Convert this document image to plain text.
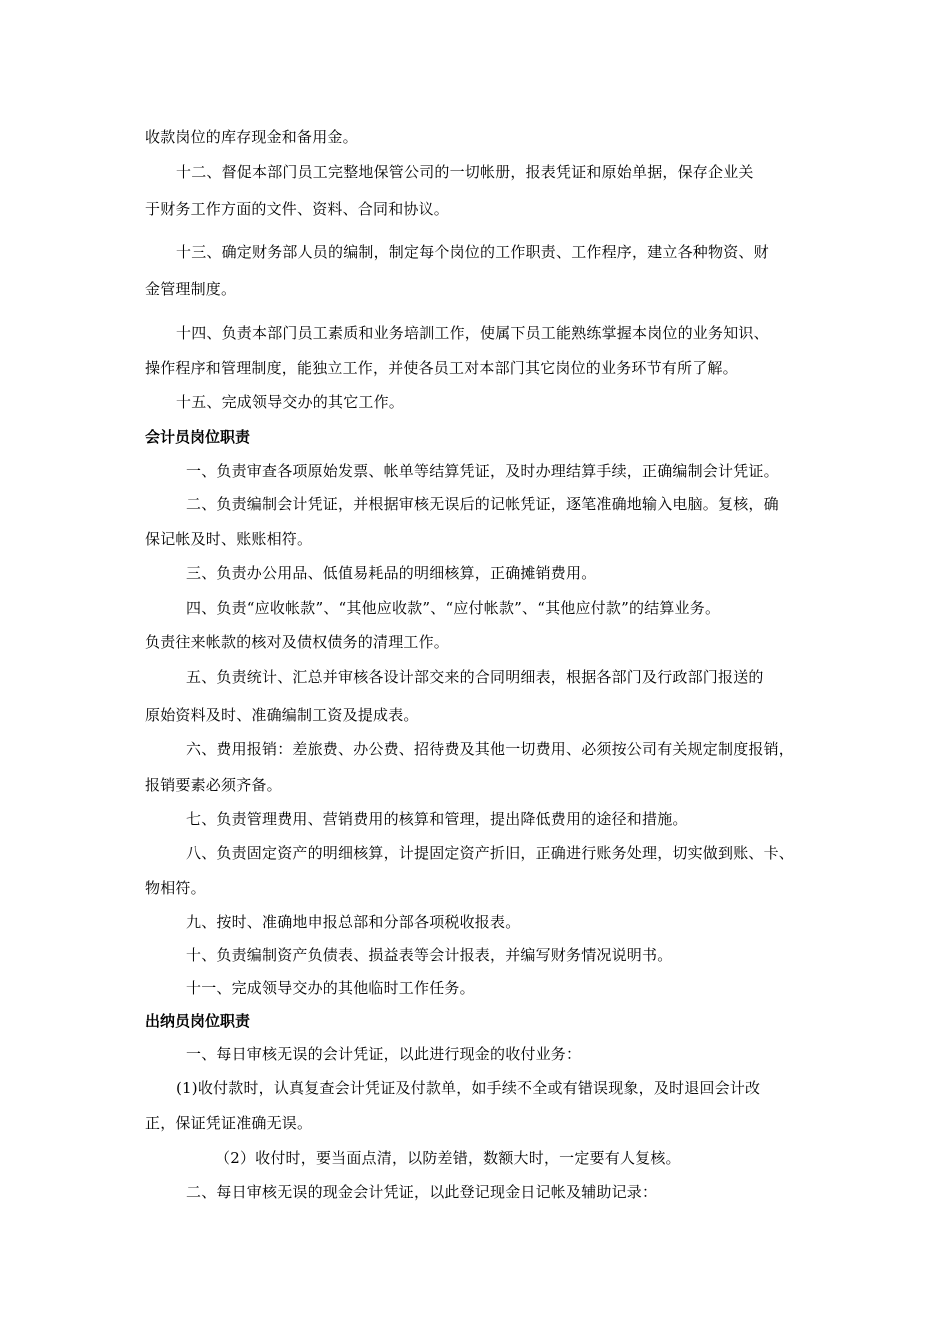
收款岗位的库存现金和备用金。
十二、督促本部门员工完整地保管公司的一切帐册，报表凭证和原始单据，保存企业关
于财务工作方面的文件、资料、合同和协议。
十三、确定财务部人员的编制，制定每个岗位的工作职责、工作程序，建立各种物资、财
金管理制度。
十四、负责本部门员工素质和业务培訓工作，使属下员工能熟练掌握本岗位的业务知识、
操作程序和管理制度，能独立工作，并使各员工对本部门其它岗位的业务环节有所了解。
十五、完成领导交办的其它工作。
会计员岗位职责
一、负责审查各项原始发票、帐单等结算凭证，及时办理结算手续，正确编制会计凭证。
二、负责编制会计凭证，并根据审核无误后的记帐凭证，逐笔准确地输入电脑。复核，确
保记帐及时、账账相符。
三、负责办公用品、低值易耗品的明细核算，正确摊销费用。
四、负责“应收帐款”、“其他应收款”、“应付帐款”、“其他应付款”的结算业务。
负责往来帐款的核对及债权债务的清理工作。
五、负责统计、汇总并审核各设计部交来的合同明细表，根据各部门及行政部门报送的
原始资料及时、准确编制工资及提成表。
六、费用报销：差旅费、办公费、招待费及其他一切费用、必须按公司有关规定制度报销，
报销要素必须齐备。
七、负责管理费用、营销费用的核算和管理，提出降低费用的途径和措施。
八、负责固定资产的明细核算，计提固定资产折旧，正确进行账务处理，切实做到账、卡、
物相符。
九、按时、准确地申报总部和分部各项税收报表。
十、负责编制资产负债表、损益表等会计报表，并编写财务情况说明书。
十一、完成领导交办的其他临时工作任务。
出纳员岗位职责
一、每日审核无误的会计凭证，以此进行现金的收付业务：
(1)收付款时，认真复查会计凭证及付款单，如手续不全或有错误现象，及时退回会计改
正，保证凭证准确无误。
（2）收付时，要当面点清，以防差错，数额大时，一定要有人复核。
二、每日审核无误的现金会计凭证，以此登记现金日记帐及辅助记录：
